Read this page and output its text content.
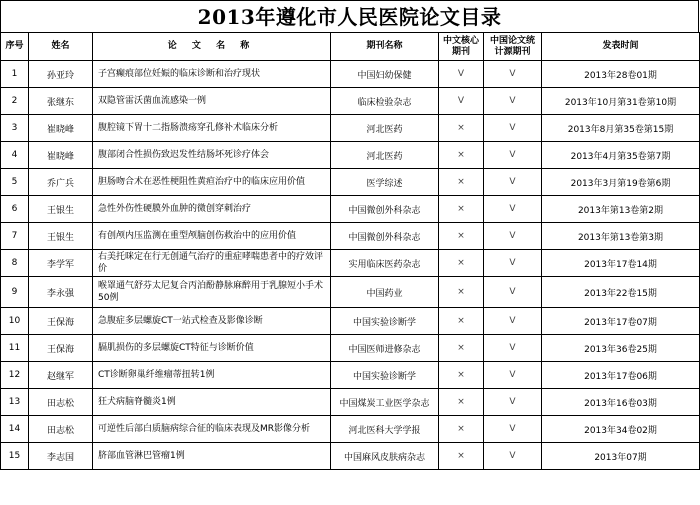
2013年遵化市人民医院论文目录
序号	姓名	论 文 名 称	期刊名称	中文核心期刊	中国论文统计源期刊	发表时间
1	孙亚玲	子宫癫痕部位妊娠的临床诊断和治疗现状	中国妇幼保健	V	V	2013年28卷01期
2	张继东	双隐管雷沃菌血流感染一例	临床检验杂志	V	V	2013年10月第31卷第10期
3	崔晓峰	腹腔镜下胃十二指肠溃疡穿孔修补术临床分析	河北医药	×	V	2013年8月第35卷第15期
4	崔晓峰	腹部闭合性损伤致迟发性结肠坏死诊疗体会	河北医药	×	V	2013年4月第35卷第7期
5	乔广兵	胆肠吻合术在恶性梗阻性黄疸治疗中的临床应用价值	医学综述	×	V	2013年3月第19卷第6期
6	王银生	急性外伤性硬膜外血肿的微创穿刺治疗	中国微创外科杂志	×	V	2013年第13卷第2期
7	王银生	有创颅内压监测在重型颅脑创伤救治中的应用价值	中国微创外科杂志	×	V	2013年第13卷第3期
8	李学军	右美托咪定在行无创通气治疗的重症哮喘患者中的疗效评价	实用临床医药杂志	×	V	2013年17卷14期
9	李永强	喉罩通气舒芬太尼复合丙泊酚静脉麻醉用于乳腺短小手术50例	中国药业	×	V	2013年22卷15期
10	王保海	急腹症多层螺旋CT一站式检查及影像诊断	中国实验诊断学	×	V	2013年17卷07期
11	王保海	膈肌损伤的多层螺旋CT特征与诊断价值	中国医师进修杂志	×	V	2013年36卷25期
12	赵继军	CT诊断卵巢纤维瘤蒂扭转1例	中国实验诊断学	×	V	2013年17卷06期
13	田志松	狂犬病脑脊髓炎1例	中国煤炭工业医学杂志	×	V	2013年16卷03期
14	田志松	可逆性后部白质脑病综合征的临床表现及MR影像分析	河北医科大学学报	×	V	2013年34卷02期
15	李志国	脐部血管淋巴管瘤1例	中国麻风皮肤病杂志	×	V	2013年07期
